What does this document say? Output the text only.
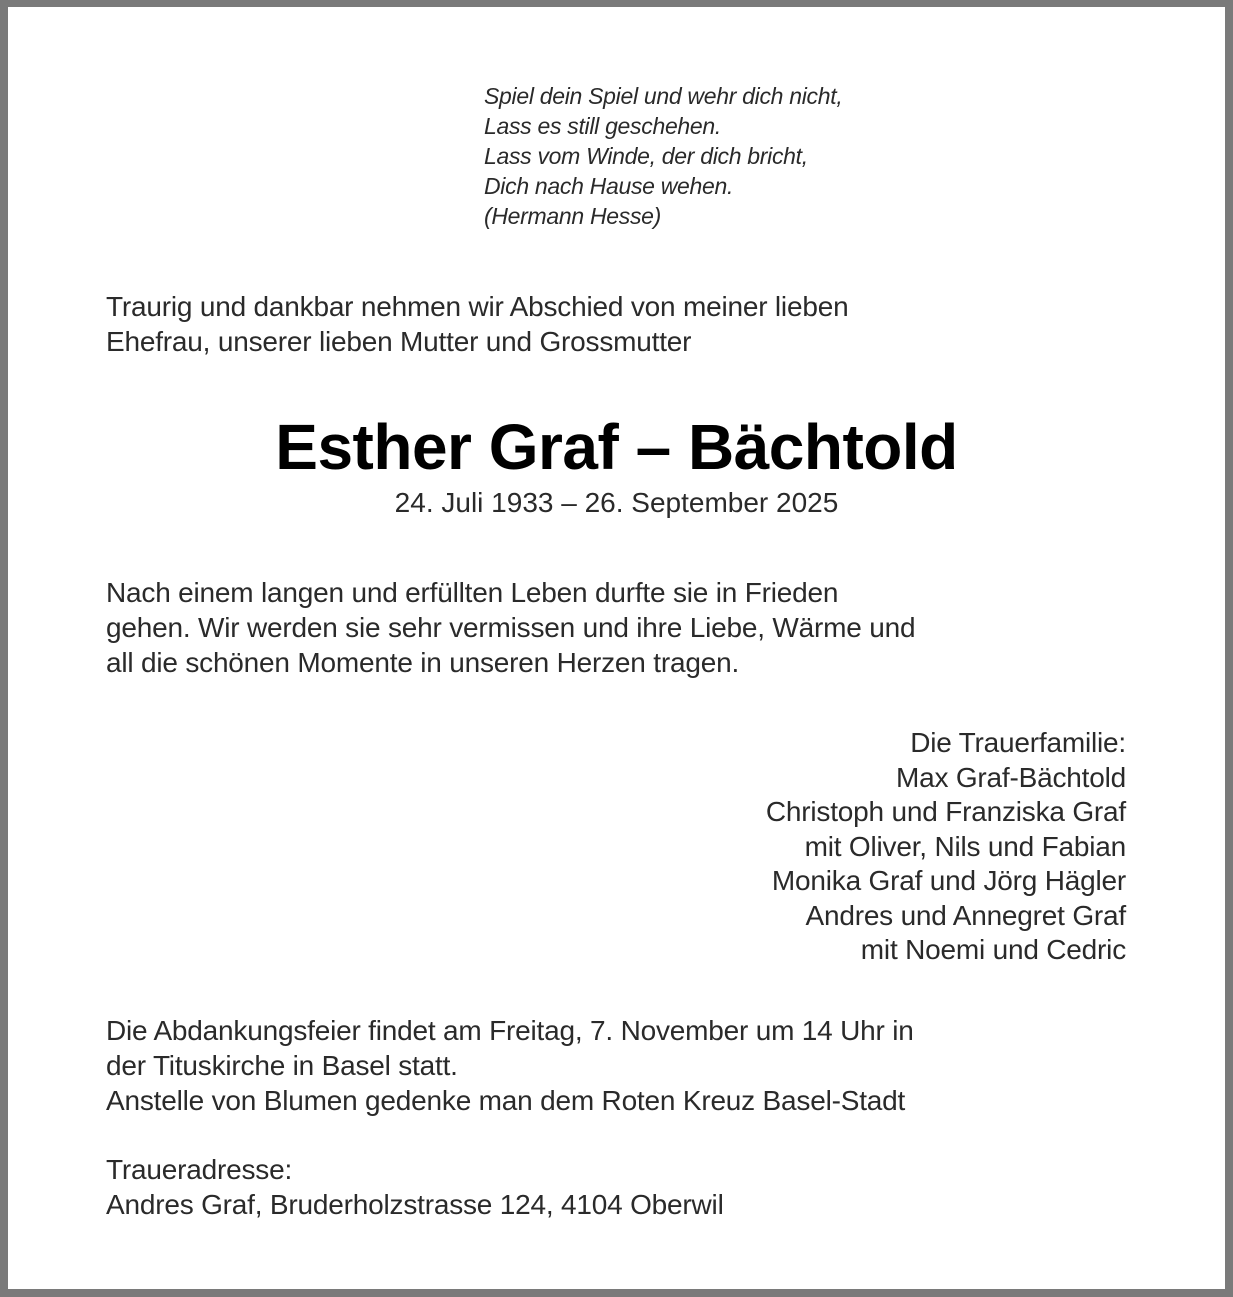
Spiel dein Spiel und wehr dich nicht,
Lass es still geschehen.
Lass vom Winde, der dich bricht,
Dich nach Hause wehen.
(Hermann Hesse)
Traurig und dankbar nehmen wir Abschied von meiner lieben
Ehefrau, unserer lieben Mutter und Grossmutter
Esther Graf – Bächtold
24. Juli 1933 – 26. September 2025
Nach einem langen und erfüllten Leben durfte sie in Frieden
gehen. Wir werden sie sehr vermissen und ihre Liebe, Wärme und
all die schönen Momente in unseren Herzen tragen.
Die Trauerfamilie:
Max Graf-Bächtold
Christoph und Franziska Graf
mit Oliver, Nils und Fabian
Monika Graf und Jörg Hägler
Andres und Annegret Graf
mit Noemi und Cedric
Die Abdankungsfeier findet am Freitag, 7. November um 14 Uhr in
der Tituskirche in Basel statt.
Anstelle von Blumen gedenke man dem Roten Kreuz Basel-Stadt
Traueradresse:
Andres Graf, Bruderholzstrasse 124, 4104 Oberwil
